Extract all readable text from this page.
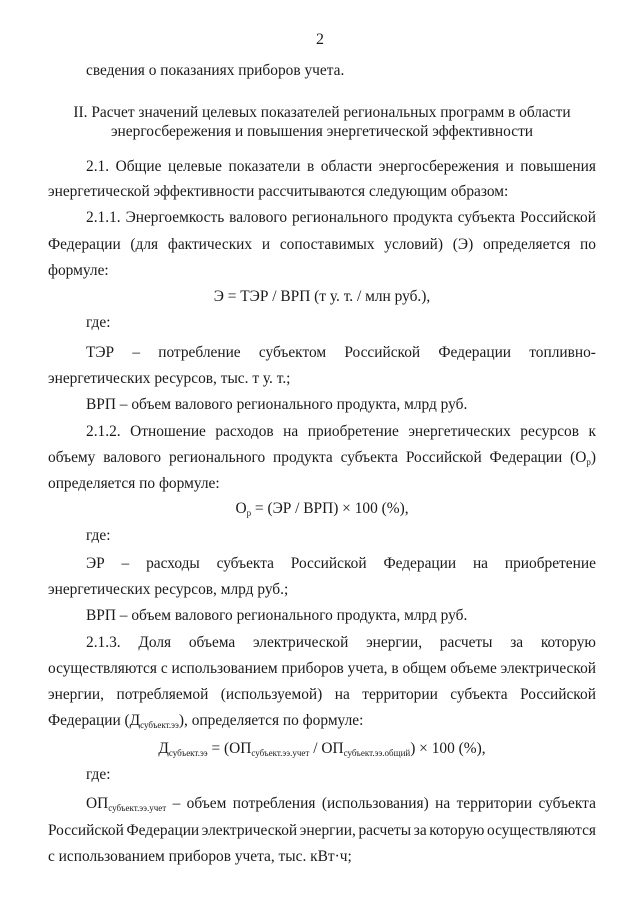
2
сведения о показаниях приборов учета.
II. Расчет значений целевых показателей региональных программ в области
энергосбережения и повышения энергетической эффективности
2.1. Общие целевые показатели в области энергосбережения и повышения
энергетической эффективности рассчитываются следующим образом:
2.1.1. Энергоемкость валового регионального продукта субъекта Российской
Федерации (для фактических и сопоставимых условий) (Э) определяется по
формуле:
Э = ТЭР / ВРП (т у. т. / млн руб.),
где:
ТЭР – потребление субъектом Российской Федерации топливно-
энергетических ресурсов, тыс. т у. т.;
ВРП – объем валового регионального продукта, млрд руб.
2.1.2. Отношение расходов на приобретение энергетических ресурсов к
объему валового регионального продукта субъекта Российской Федерации $(О_р)$
определяется по формуле:
$О_р = (ЭР / ВРП) \times 100$ (%),
где:
ЭР – расходы субъекта Российской Федерации на приобретение
энергетических ресурсов, млрд руб.;
ВРП – объем валового регионального продукта, млрд руб.
2.1.3. Доля объема электрической энергии, расчеты за которую
осуществляются с использованием приборов учета, в общем объеме электрической
энергии, потребляемой (используемой) на территории субъекта Российской
Федерации $(Д_{субъект.ээ})$, определяется по формуле:
$Д_{субъект.ээ} = (ОП_{субъект.ээ.учет} / ОП_{субъект.ээ.общий}) \times 100$ (%),
где:
$ОП_{субъект.ээ.учет}$ – объем потребления (использования) на территории субъекта
Российской Федерации электрической энергии, расчеты за которую осуществляются
с использованием приборов учета, тыс. кВт·ч;
